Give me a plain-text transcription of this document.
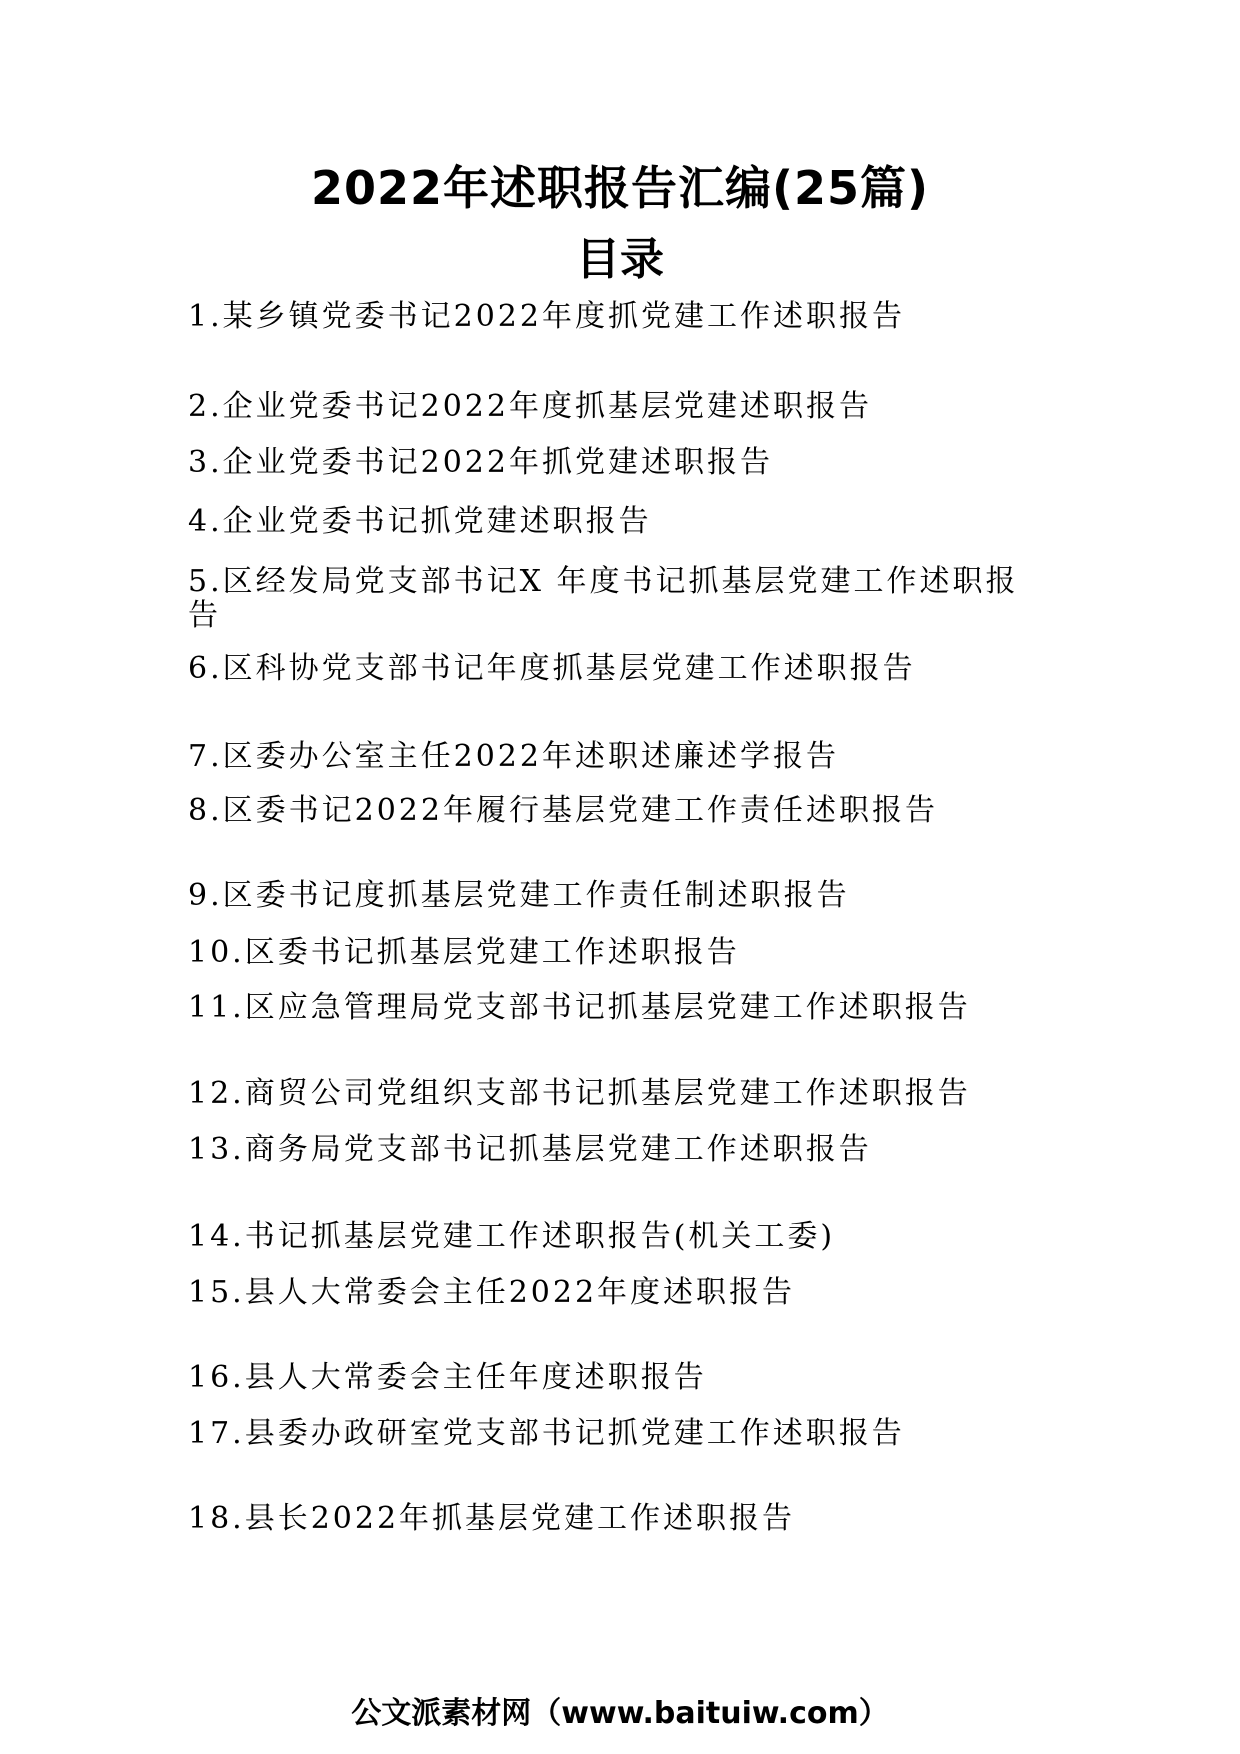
2022年述职报告汇编(25篇)
目录
1.某乡镇党委书记2022年度抓党建工作述职报告
2.企业党委书记2022年度抓基层党建述职报告
3.企业党委书记2022年抓党建述职报告
4.企业党委书记抓党建述职报告
5.区经发局党支部书记X 年度书记抓基层党建工作述职报告
6.区科协党支部书记年度抓基层党建工作述职报告
7.区委办公室主任2022年述职述廉述学报告
8.区委书记2022年履行基层党建工作责任述职报告
9.区委书记度抓基层党建工作责任制述职报告
10.区委书记抓基层党建工作述职报告
11.区应急管理局党支部书记抓基层党建工作述职报告
12.商贸公司党组织支部书记抓基层党建工作述职报告
13.商务局党支部书记抓基层党建工作述职报告
14.书记抓基层党建工作述职报告(机关工委)
15.县人大常委会主任2022年度述职报告
16.县人大常委会主任年度述职报告
17.县委办政研室党支部书记抓党建工作述职报告
18.县长2022年抓基层党建工作述职报告
公文派素材网（www.baituiw.com）
